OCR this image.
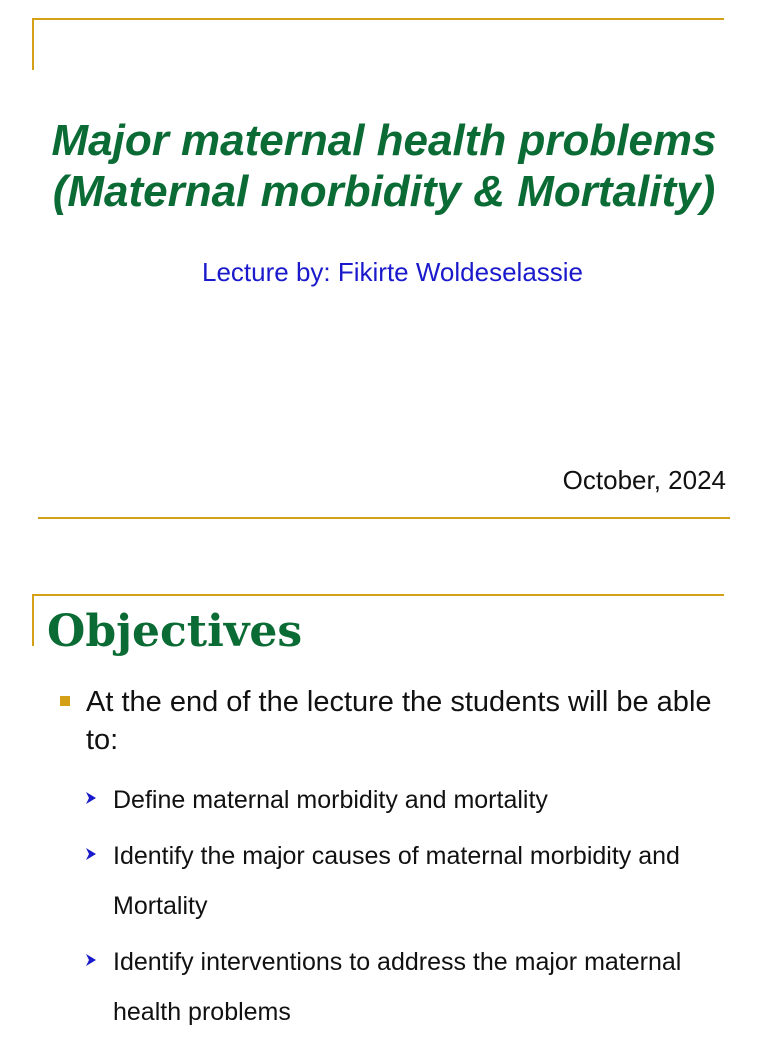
Major maternal health problems
(Maternal morbidity & Mortality)

Lecture by: Fikirte Woldeselassie

October, 2024

Objectives
At the end of the lecture the students will be able to:
Define maternal morbidity and mortality
Identify the major causes of maternal morbidity and Mortality
Identify interventions to address the major maternal health problems
